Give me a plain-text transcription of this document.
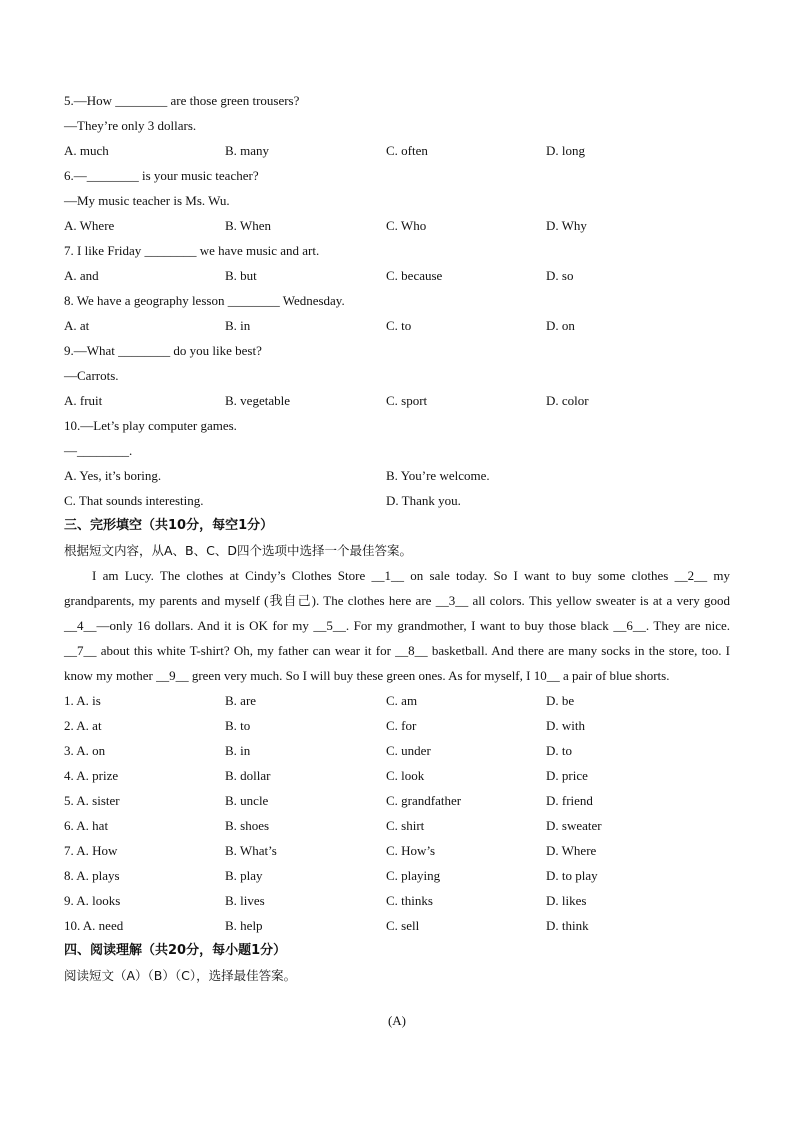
5.—How ________ are those green trousers?
—They’re only 3 dollars.
A. much	B. many	C. often	D. long
6.—________ is your music teacher?
—My music teacher is Ms. Wu.
A. Where	B. When	C. Who	D. Why
7. I like Friday ________ we have music and art.
A. and	B. but	C. because	D. so
8. We have a geography lesson ________ Wednesday.
A. at	B. in	C. to	D. on
9.—What ________ do you like best?
—Carrots.
A. fruit	B. vegetable	C. sport	D. color
10.—Let’s play computer games.
—________.
A. Yes, it’s boring.	B. You’re welcome.
C. That sounds interesting.	D. Thank you.
三、完形填空（共10分，每空1分）
根据短文内容，从A、B、C、D四个选项中选择一个最佳答案。
I am Lucy. The clothes at Cindy’s Clothes Store __1__ on sale today. So I want to buy some clothes __2__ my grandparents, my parents and myself (我自己). The clothes here are __3__ all colors. This yellow sweater is at a very good __4__—only 16 dollars. And it is OK for my __5__. For my grandmother, I want to buy those black __6__. They are nice. __7__ about this white T-shirt? Oh, my father can wear it for __8__ basketball. And there are many socks in the store, too. I know my mother __9__ green very much. So I will buy these green ones. As for myself, I 10__ a pair of blue shorts.
1. A. is	B. are	C. am	D. be
2. A. at	B. to	C. for	D. with
3. A. on	B. in	C. under	D. to
4. A. prize	B. dollar	C. look	D. price
5. A. sister	B. uncle	C. grandfather	D. friend
6. A. hat	B. shoes	C. shirt	D. sweater
7. A. How	B. What’s	C. How’s	D. Where
8. A. plays	B. play	C. playing	D. to play
9. A. looks	B. lives	C. thinks	D. likes
10. A. need	B. help	C. sell	D. think
四、阅读理解（共20分，每小题1分）
阅读短文（A）（B）（C），选择最佳答案。
(A)
